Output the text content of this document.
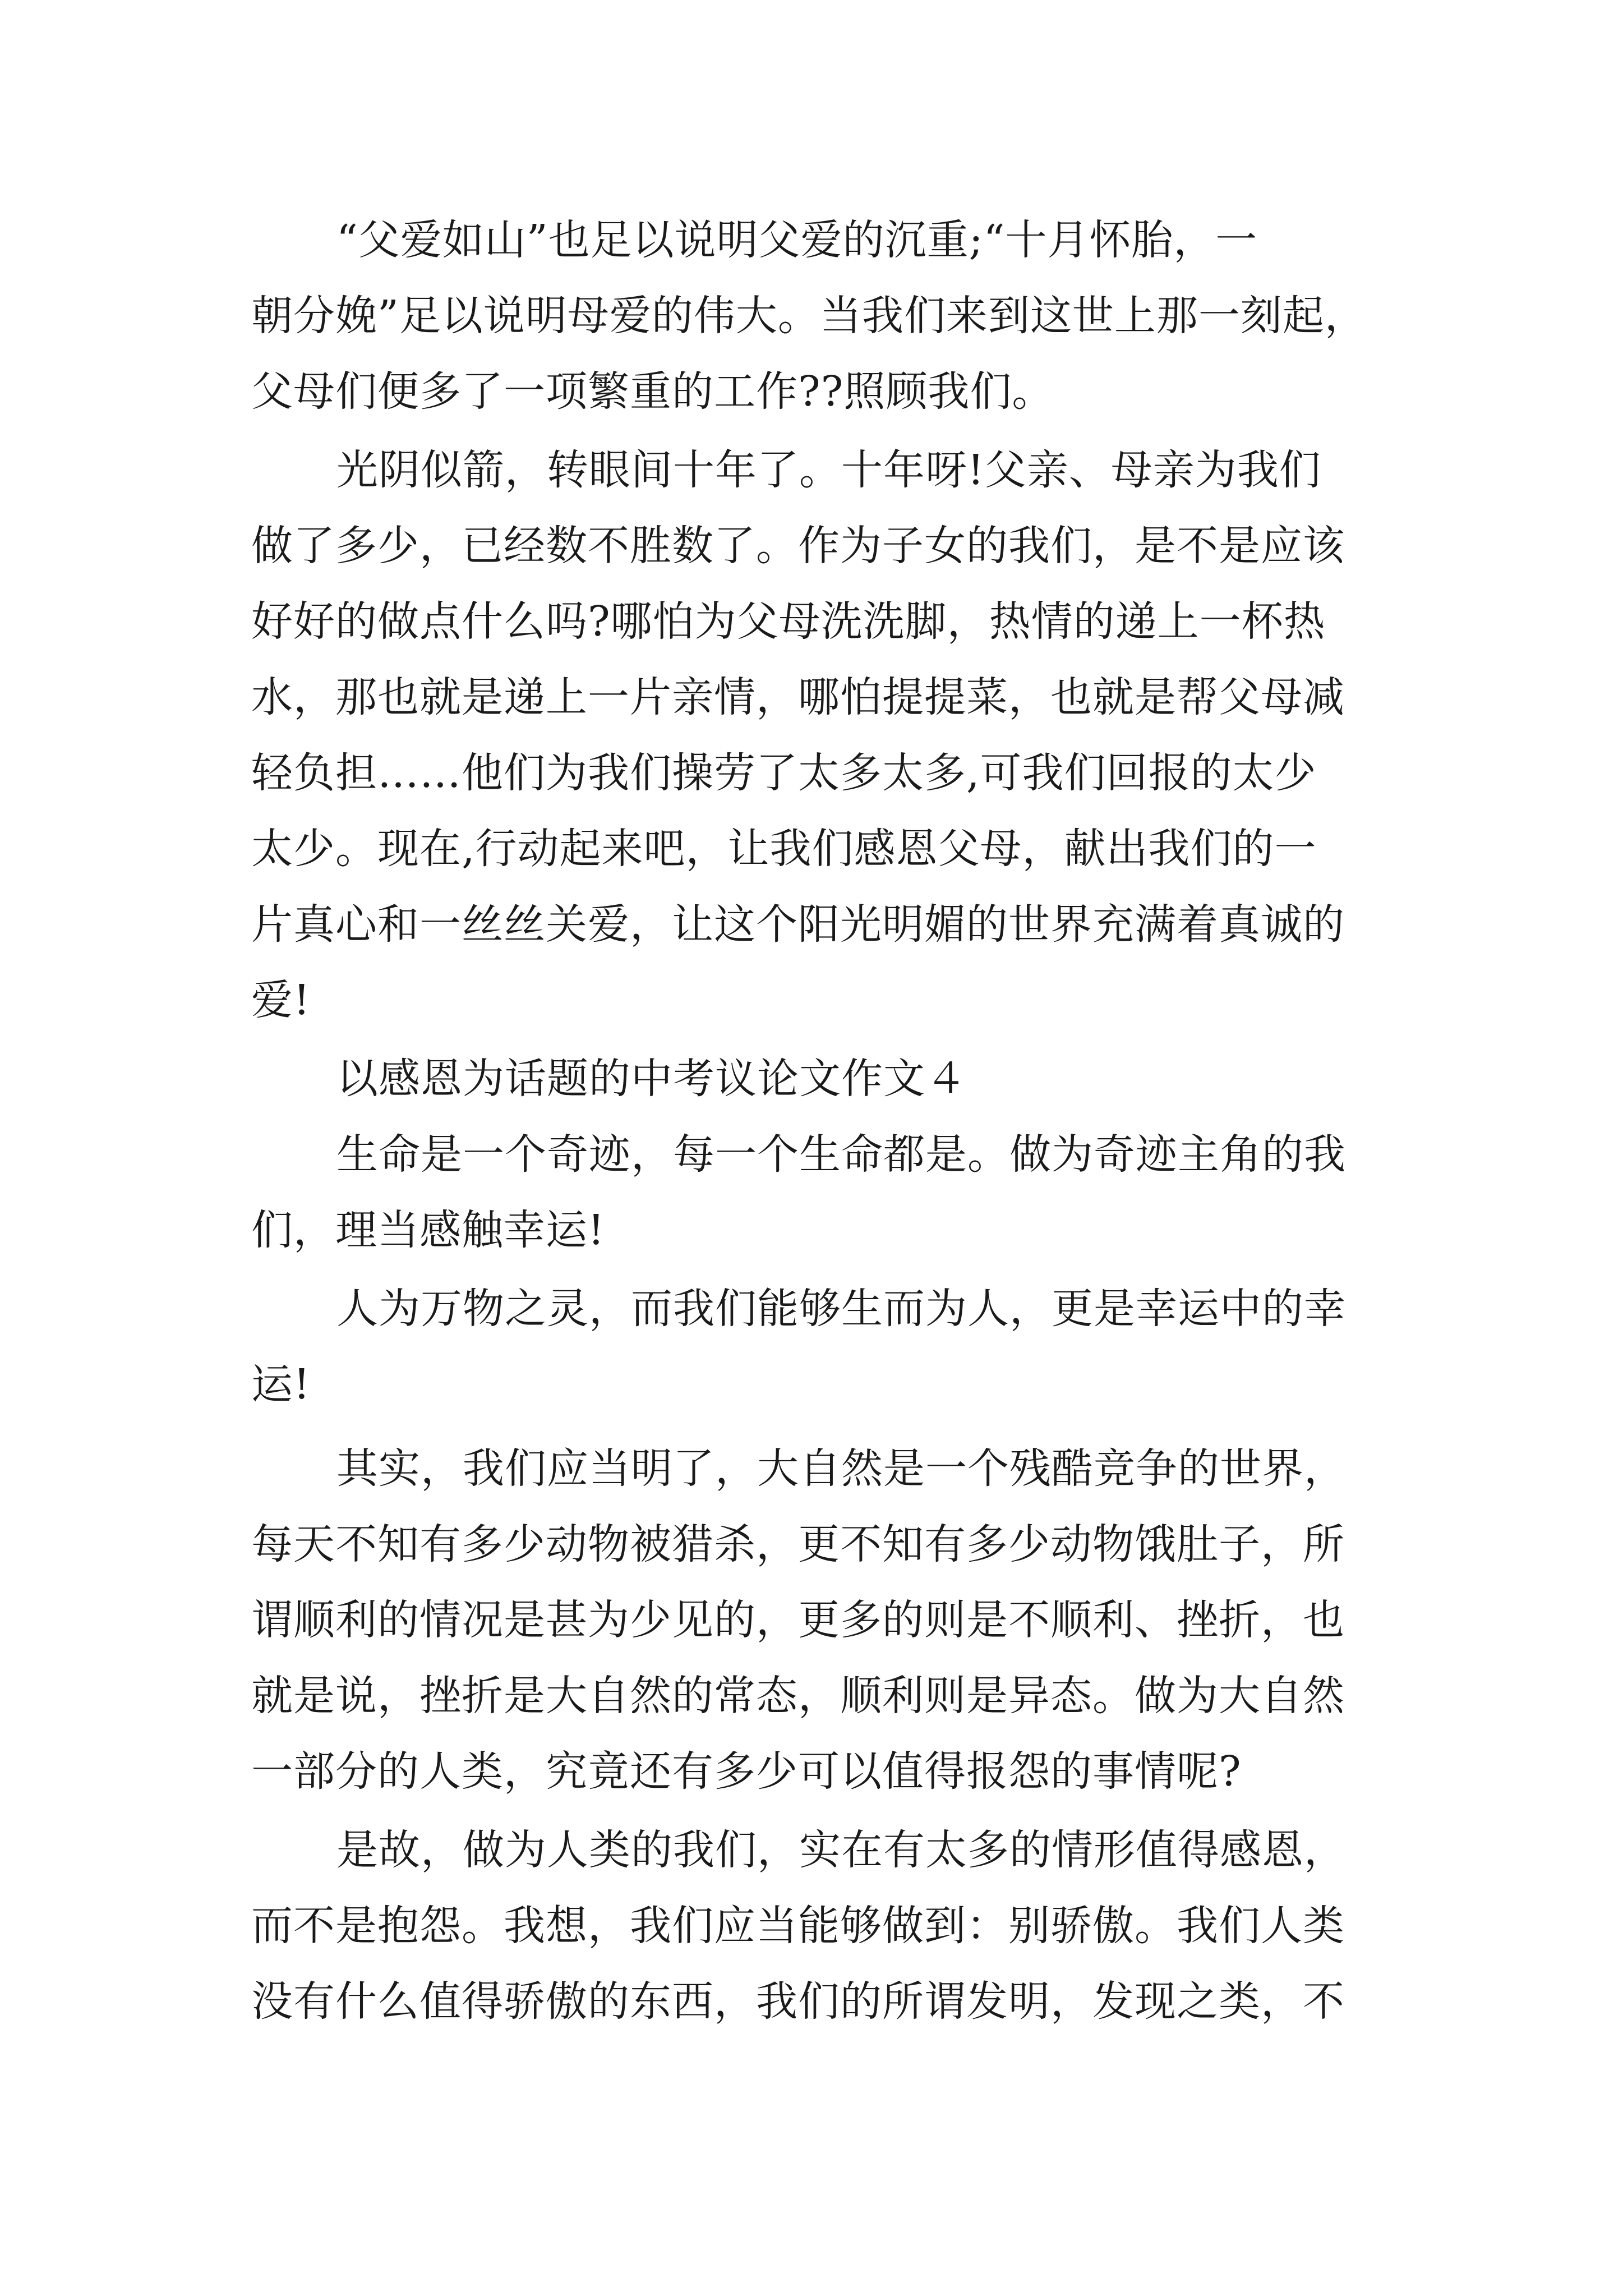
“父爱如山”也足以说明父爱的沉重;“十月怀胎，一

朝分娩”足以说明母爱的伟大。当我们来到这世上那一刻起，

父母们便多了一项繁重的工作??照顾我们。

光阴似箭，转眼间十年了。十年呀!父亲、母亲为我们

做了多少，已经数不胜数了。作为子女的我们，是不是应该

好好的做点什么吗?哪怕为父母洗洗脚，热情的递上一杯热

水，那也就是递上一片亲情，哪怕提提菜，也就是帮父母减

轻负担……他们为我们操劳了太多太多,可我们回报的太少

太少。现在,行动起来吧，让我们感恩父母，献出我们的一

片真心和一丝丝关爱，让这个阳光明媚的世界充满着真诚的

爱!

以感恩为话题的中考议论文作文４

生命是一个奇迹，每一个生命都是。做为奇迹主角的我

们，理当感触幸运!

人为万物之灵，而我们能够生而为人，更是幸运中的幸

运!

其实，我们应当明了，大自然是一个残酷竞争的世界，

每天不知有多少动物被猎杀，更不知有多少动物饿肚子，所

谓顺利的情况是甚为少见的，更多的则是不顺利、挫折，也

就是说，挫折是大自然的常态，顺利则是异态。做为大自然

一部分的人类，究竟还有多少可以值得报怨的事情呢?

是故，做为人类的我们，实在有太多的情形值得感恩，

而不是抱怨。我想，我们应当能够做到：别骄傲。我们人类

没有什么值得骄傲的东西，我们的所谓发明，发现之类，不
